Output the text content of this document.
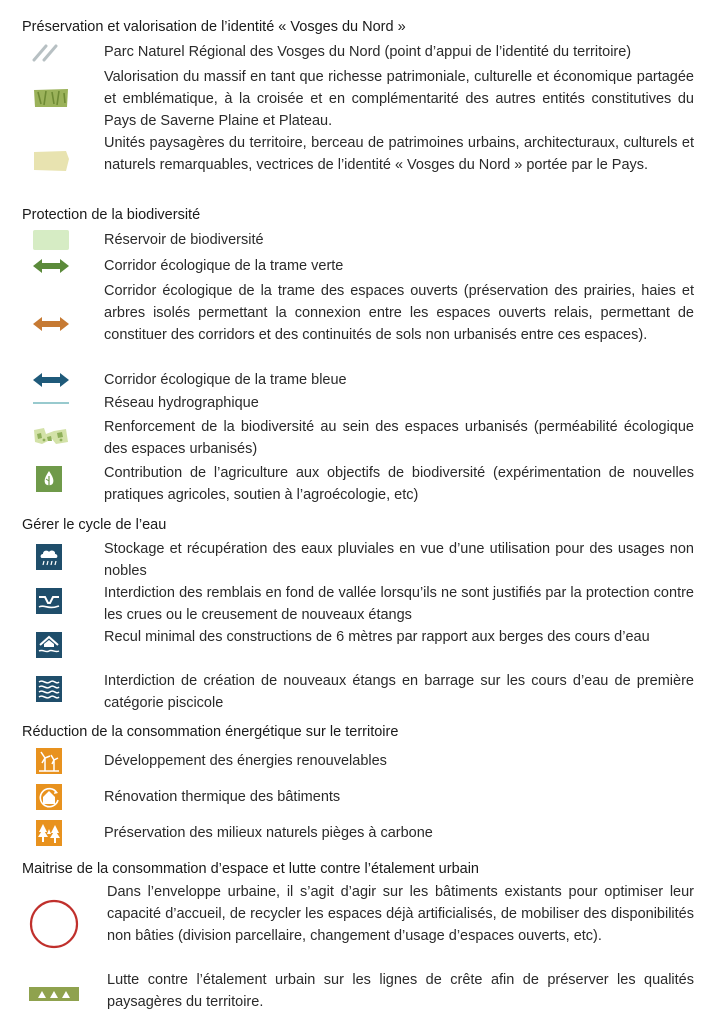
Préservation et valorisation de l’identité « Vosges du Nord »
Parc Naturel Régional des Vosges du Nord (point d’appui de l’identité du territoire)
Valorisation du massif en tant que richesse patrimoniale, culturelle et économique partagée et emblématique, à la croisée et en complémentarité des autres entités constitutives du Pays de Saverne Plaine et Plateau.
Unités paysagères du territoire, berceau de patrimoines urbains, architecturaux, culturels et naturels remarquables, vectrices de l’identité « Vosges du Nord » portée par le Pays.
Protection de la biodiversité
Réservoir de biodiversité
Corridor écologique de la trame verte
Corridor écologique de la trame des espaces ouverts (préservation des prairies, haies et arbres isolés permettant la connexion entre les espaces ouverts relais, permettant de constituer des corridors et des continuités de sols non urbanisés entre ces espaces).
Corridor écologique de la trame bleue
Réseau hydrographique
Renforcement de la biodiversité au sein des espaces urbanisés (perméabilité écologique des espaces urbanisés)
Contribution de l’agriculture aux objectifs de biodiversité (expérimentation de nouvelles pratiques agricoles, soutien à l’agroécologie, etc)
Gérer le cycle de l’eau
Stockage et récupération des eaux pluviales en vue d’une utilisation pour des usages non nobles
Interdiction des remblais en fond de vallée lorsqu’ils ne sont justifiés par la protection contre les crues ou le creusement de nouveaux étangs
Recul minimal des constructions de 6 mètres par rapport aux berges des cours d’eau
Interdiction de création de nouveaux étangs en barrage sur les cours d’eau de première catégorie piscicole
Réduction de la consommation énergétique sur le territoire
Développement des énergies renouvelables
Rénovation thermique des bâtiments
Préservation des milieux naturels pièges à carbone
Maitrise de la consommation d’espace et lutte contre l’étalement urbain
Dans l’enveloppe urbaine, il s’agit d’agir sur les bâtiments existants pour optimiser leur capacité d’accueil, de recycler les espaces déjà artificialisés, de mobiliser des disponibilités non bâties (division parcellaire, changement d’usage d’espaces ouverts, etc).
Lutte contre l’étalement urbain sur les lignes de crête afin de préserver les qualités paysagères du territoire.
